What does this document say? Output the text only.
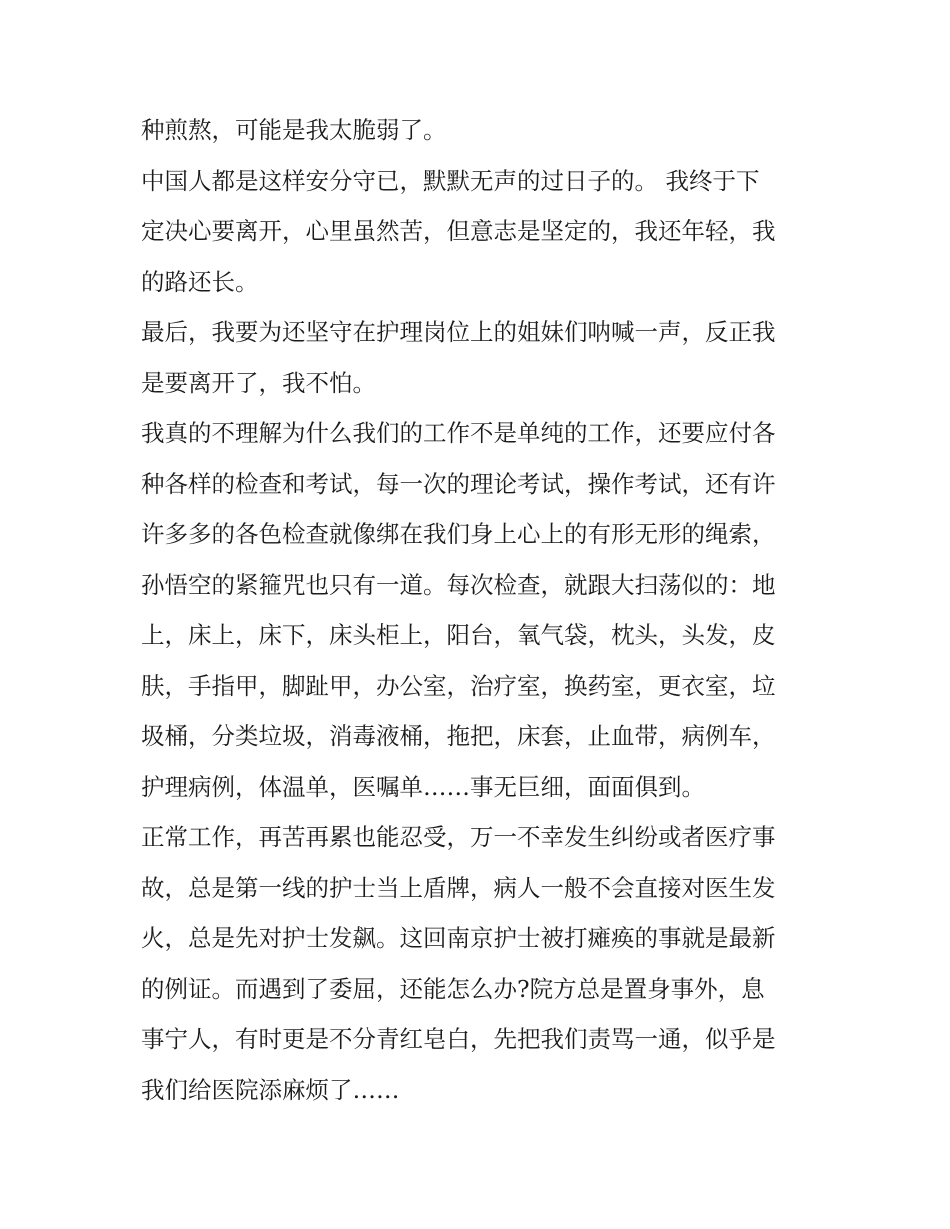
种煎熬，可能是我太脆弱了。
中国人都是这样安分守已，默默无声的过日子的。 我终于下
定决心要离开，心里虽然苦，但意志是坚定的，我还年轻，我
的路还长。
最后，我要为还坚守在护理岗位上的姐妹们呐喊一声，反正我
是要离开了，我不怕。
我真的不理解为什么我们的工作不是单纯的工作，还要应付各
种各样的检查和考试，每一次的理论考试，操作考试，还有许
许多多的各色检查就像绑在我们身上心上的有形无形的绳索，
孙悟空的紧箍咒也只有一道。每次检查，就跟大扫荡似的：地
上，床上，床下，床头柜上，阳台，氧气袋，枕头，头发，皮
肤，手指甲，脚趾甲，办公室，治疗室，换药室，更衣室，垃
圾桶，分类垃圾，消毒液桶，拖把，床套，止血带，病例车，
护理病例，体温单，医嘱单……事无巨细，面面俱到。
正常工作，再苦再累也能忍受，万一不幸发生纠纷或者医疗事
故，总是第一线的护士当上盾牌，病人一般不会直接对医生发
火，总是先对护士发飙。这回南京护士被打瘫痪的事就是最新
的例证。而遇到了委屈，还能怎么办?院方总是置身事外，息
事宁人，有时更是不分青红皂白，先把我们责骂一通，似乎是
我们给医院添麻烦了……
